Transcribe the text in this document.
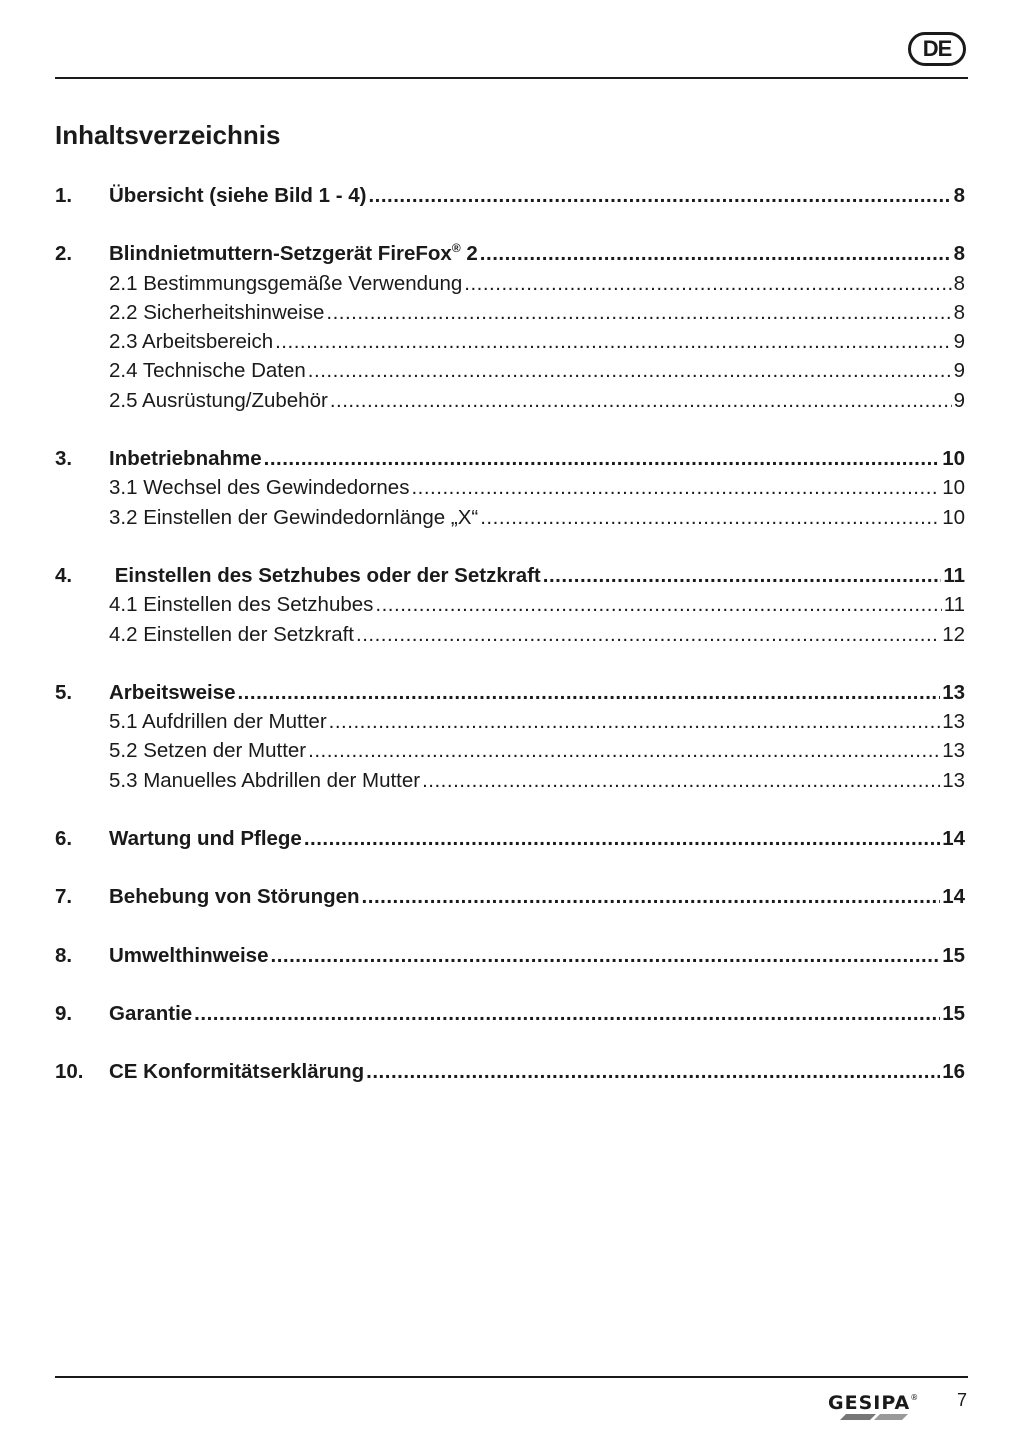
DE
Inhaltsverzeichnis
1.	Übersicht (siehe Bild 1 - 4) .....	8
2.	Blindnietmuttern-Setzgerät FireFox® 2 .....	8
2.1 Bestimmungsgemäße Verwendung .....	8
2.2 Sicherheitshinweise .....	8
2.3 Arbeitsbereich .....	9
2.4 Technische Daten .....	9
2.5 Ausrüstung/Zubehör .....	9
3.	Inbetriebnahme .....	10
3.1 Wechsel des Gewindedornes .....	10
3.2 Einstellen der Gewindedornlänge „X“ .....	10
4.	Einstellen des Setzhubes oder der Setzkraft .....	11
4.1 Einstellen des Setzhubes .....	11
4.2 Einstellen der Setzkraft .....	12
5.	Arbeitsweise .....	13
5.1 Aufdrillen der Mutter .....	13
5.2 Setzen der Mutter .....	13
5.3 Manuelles Abdrillen der Mutter .....	13
6.	Wartung und Pflege .....	14
7.	Behebung von Störungen .....	14
8.	Umwelthinweise .....	15
9.	Garantie .....	15
10.	CE Konformitätserklärung .....	16
GESIPA® 7
